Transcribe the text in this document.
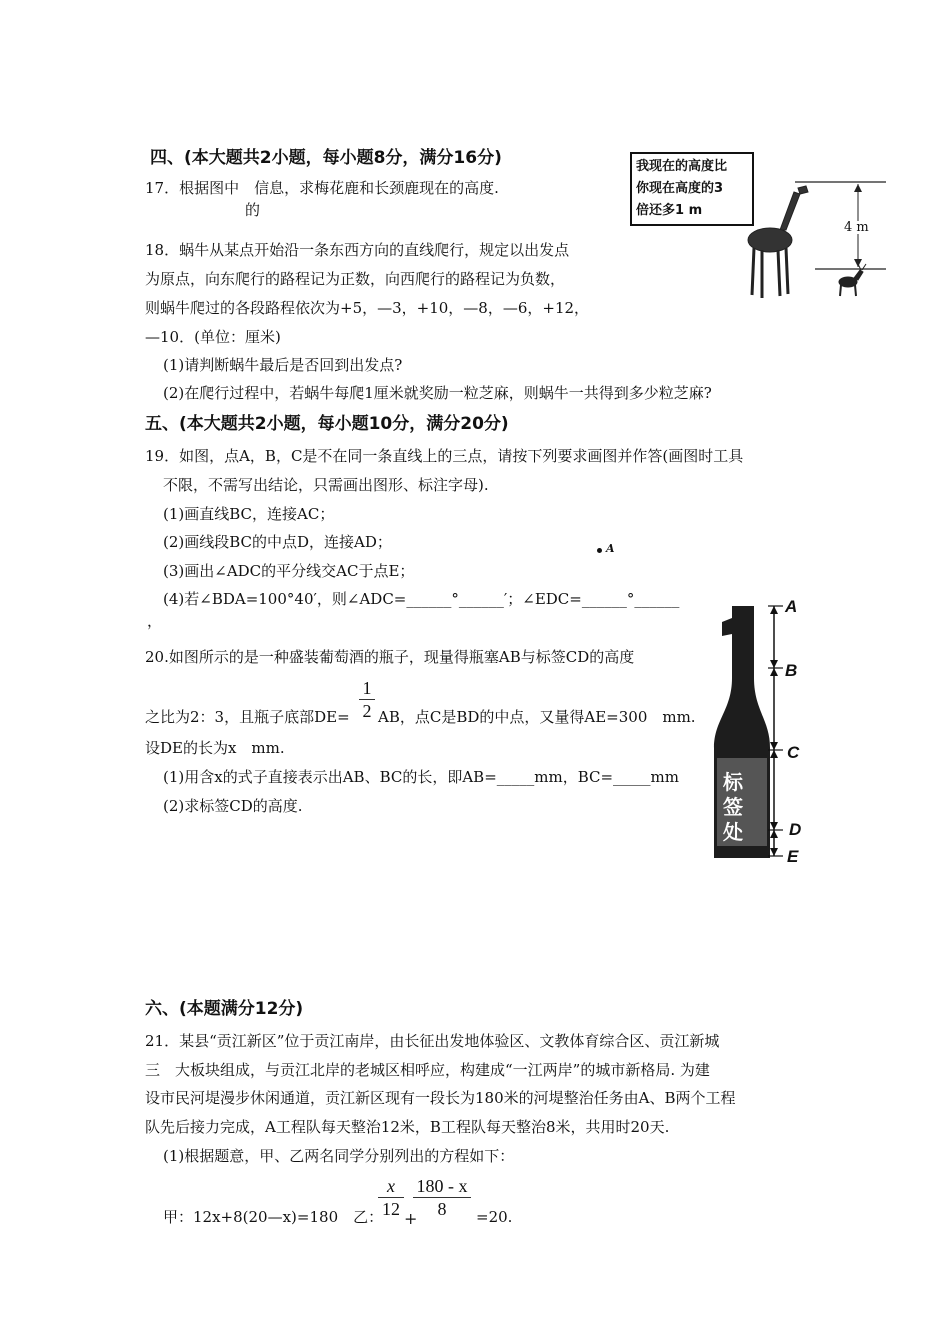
四、(本大题共2小题，每小题8分，满分16分)
17．根据图中　信息，求梅花鹿和长颈鹿现在的高度.
的
我现在的高度比
你现在高度的3
倍还多1 m
4 m
18．蜗牛从某点开始沿一条东西方向的直线爬行，规定以出发点
为原点，向东爬行的路程记为正数，向西爬行的路程记为负数，
则蜗牛爬过的各段路程依次为+5，—3，+10，—8，—6，+12，
—10．(单位：厘米)
(1)请判断蜗牛最后是否回到出发点?
(2)在爬行过程中，若蜗牛每爬1厘米就奖励一粒芝麻，则蜗牛一共得到多少粒芝麻?
五、(本大题共2小题，每小题10分，满分20分)
19．如图，点A，B，C是不在同一条直线上的三点，请按下列要求画图并作答(画图时工具
不限，不需写出结论，只需画出图形、标注字母).
(1)画直线BC，连接AC；
(2)画线段BC的中点D，连接AD；
(3)画出∠ADC的平分线交AC于点E；
(4)若∠BDA=100°40′，则∠ADC=______°______′；∠EDC=______°______
，
A
20.如图所示的是一种盛装葡萄酒的瓶子，现量得瓶塞AB与标签CD的高度
1
2
之比为2：3，且瓶子底部DE= AB，点C是BD的中点，又量得AE=300　mm.
设DE的长为x　mm.
(1)用含x的式子直接表示出AB、BC的长，即AB=_____mm，BC=_____mm
(2)求标签CD的高度.
标
签
处
A
B
C
D
E
六、(本题满分12分)
21．某县“贡江新区”位于贡江南岸，由长征出发地体验区、文教体育综合区、贡江新城
三　大板块组成，与贡江北岸的老城区相呼应，构建成“一江两岸”的城市新格局. 为建
设市民河堤漫步休闲通道，贡江新区现有一段长为180米的河堤整治任务由A、B两个工程
队先后接力完成，A工程队每天整治12米，B工程队每天整治8米，共用时20天.
(1)根据题意，甲、乙两名同学分别列出的方程如下：
甲：12x+8(20—x)=180　乙：
x
12 +
180 - x
8	=20.
